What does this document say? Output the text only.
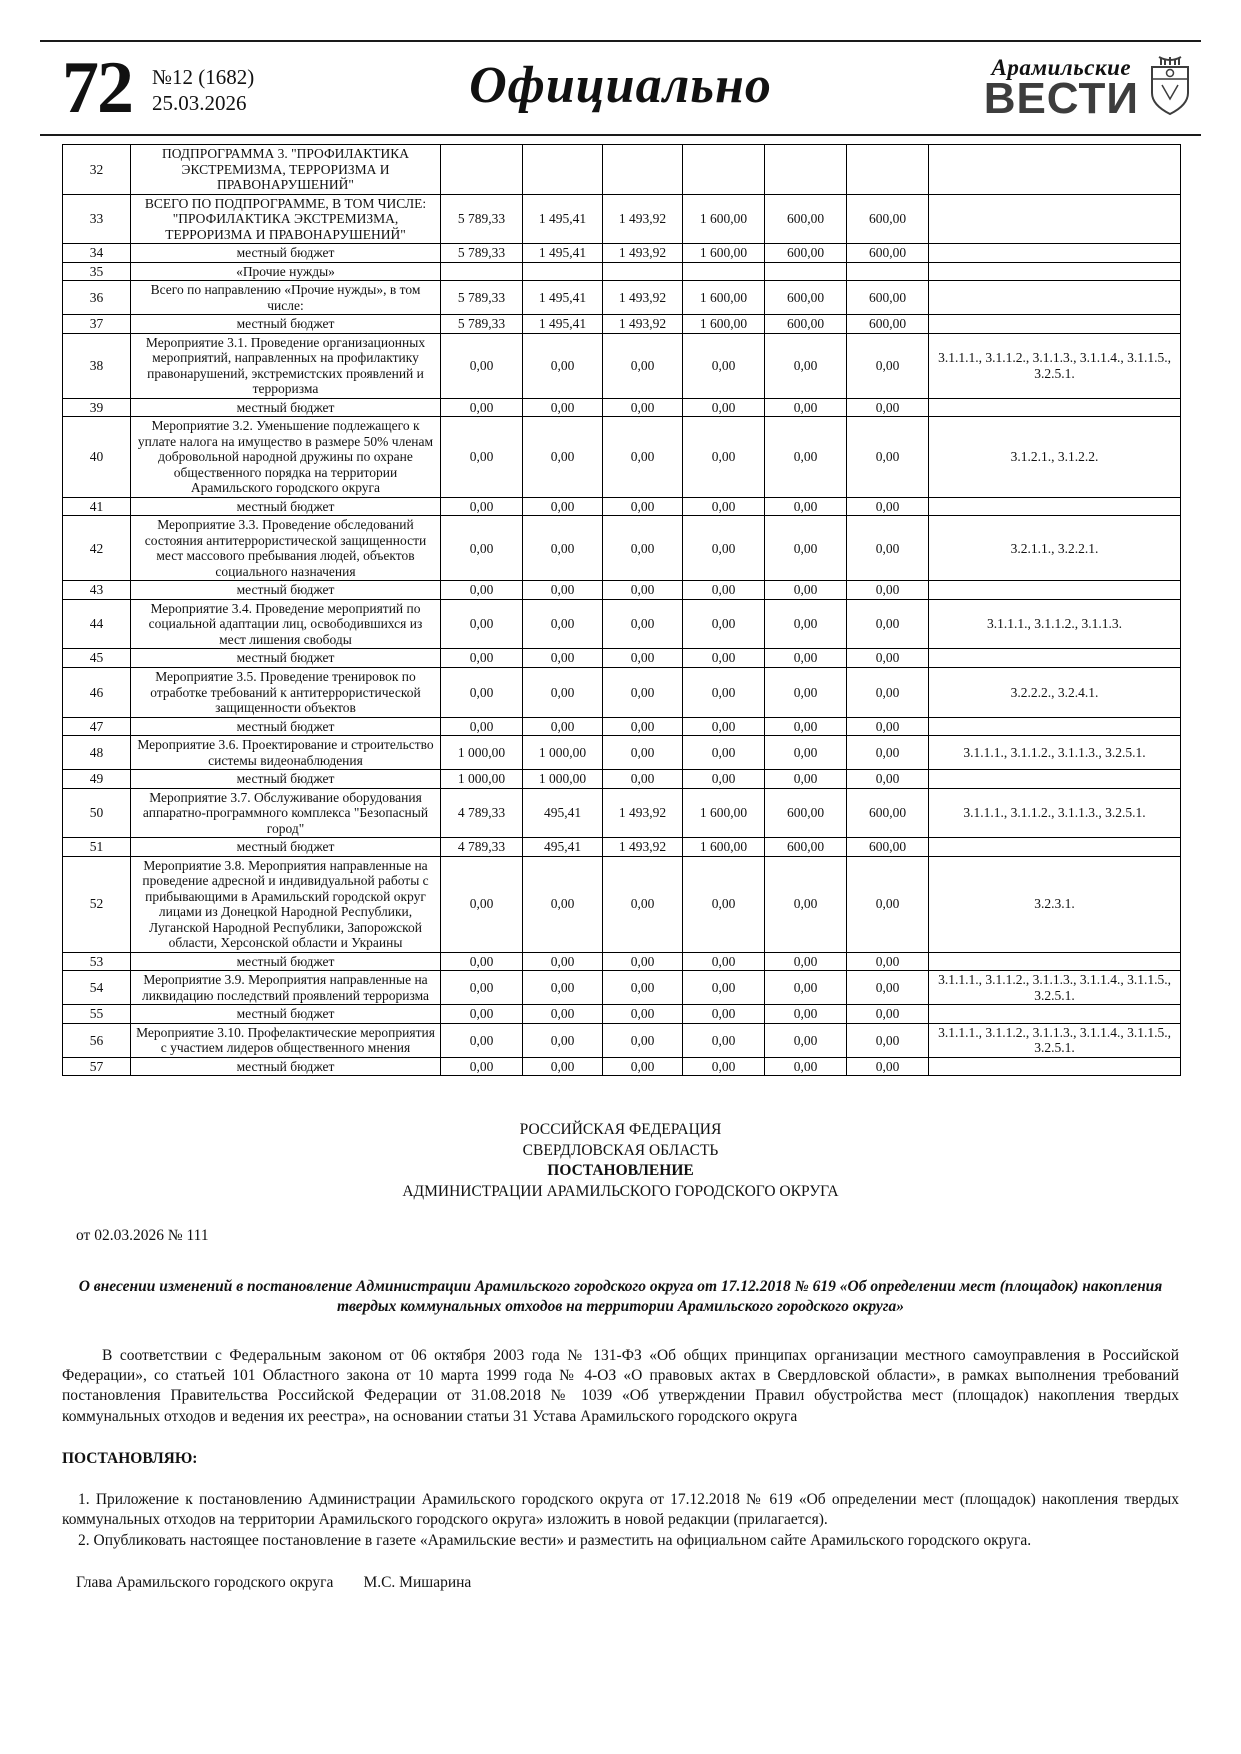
72 №12 (1682)
25.03.2026	Официально	Арамильские
ВЕСТИ
32	ПОДПРОГРАММА 3. "ПРОФИЛАКТИКА ЭКСТРЕМИЗМА, ТЕРРОРИЗМА И ПРАВОНАРУШЕНИЙ"							
33	ВСЕГО ПО ПОДПРОГРАММЕ, В ТОМ ЧИСЛЕ: "ПРОФИЛАКТИКА ЭКСТРЕМИЗМА, ТЕРРОРИЗМА И ПРАВОНАРУШЕНИЙ"	5 789,33	1 495,41	1 493,92	1 600,00	600,00	600,00	
34	местный бюджет	5 789,33	1 495,41	1 493,92	1 600,00	600,00	600,00	
35	«Прочие нужды»							
36	Всего по направлению «Прочие нужды», в том числе:	5 789,33	1 495,41	1 493,92	1 600,00	600,00	600,00	
37	местный бюджет	5 789,33	1 495,41	1 493,92	1 600,00	600,00	600,00	
38	Мероприятие 3.1. Проведение организационных мероприятий, направленных на профилактику правонарушений, экстремистских проявлений и терроризма	0,00	0,00	0,00	0,00	0,00	0,00	3.1.1.1., 3.1.1.2., 3.1.1.3., 3.1.1.4., 3.1.1.5., 3.2.5.1.
39	местный бюджет	0,00	0,00	0,00	0,00	0,00	0,00	
40	Мероприятие 3.2. Уменьшение подлежащего к уплате налога на имущество в размере 50% членам добровольной народной дружины по охране общественного порядка на территории Арамильского городского округа	0,00	0,00	0,00	0,00	0,00	0,00	3.1.2.1., 3.1.2.2.
41	местный бюджет	0,00	0,00	0,00	0,00	0,00	0,00	
42	Мероприятие 3.3. Проведение обследований состояния антитеррористической защищенности мест массового пребывания людей, объектов социального назначения	0,00	0,00	0,00	0,00	0,00	0,00	3.2.1.1., 3.2.2.1.
43	местный бюджет	0,00	0,00	0,00	0,00	0,00	0,00	
44	Мероприятие 3.4. Проведение мероприятий по социальной адаптации лиц, освободившихся из мест лишения свободы	0,00	0,00	0,00	0,00	0,00	0,00	3.1.1.1., 3.1.1.2., 3.1.1.3.
45	местный бюджет	0,00	0,00	0,00	0,00	0,00	0,00	
46	Мероприятие 3.5. Проведение тренировок по отработке требований к антитеррористической защищенности объектов	0,00	0,00	0,00	0,00	0,00	0,00	3.2.2.2., 3.2.4.1.
47	местный бюджет	0,00	0,00	0,00	0,00	0,00	0,00	
48	Мероприятие 3.6. Проектирование и строительство системы видеонаблюдения	1 000,00	1 000,00	0,00	0,00	0,00	0,00	3.1.1.1., 3.1.1.2., 3.1.1.3., 3.2.5.1.
49	местный бюджет	1 000,00	1 000,00	0,00	0,00	0,00	0,00	
50	Мероприятие 3.7. Обслуживание оборудования аппаратно-программного комплекса "Безопасный город"	4 789,33	495,41	1 493,92	1 600,00	600,00	600,00	3.1.1.1., 3.1.1.2., 3.1.1.3., 3.2.5.1.
51	местный бюджет	4 789,33	495,41	1 493,92	1 600,00	600,00	600,00	
52	Мероприятие 3.8. Мероприятия направленные на проведение адресной и индивидуальной работы с прибывающими в Арамильский городской округ лицами из Донецкой Народной Республики, Луганской Народной Республики, Запорожской области, Херсонской области и Украины	0,00	0,00	0,00	0,00	0,00	0,00	3.2.3.1.
53	местный бюджет	0,00	0,00	0,00	0,00	0,00	0,00	
54	Мероприятие 3.9. Мероприятия направленные на ликвидацию последствий проявлений терроризма	0,00	0,00	0,00	0,00	0,00	0,00	3.1.1.1., 3.1.1.2., 3.1.1.3., 3.1.1.4., 3.1.1.5., 3.2.5.1.
55	местный бюджет	0,00	0,00	0,00	0,00	0,00	0,00	
56	Мероприятие 3.10. Профелактические мероприятия с участием лидеров общественного мнения	0,00	0,00	0,00	0,00	0,00	0,00	3.1.1.1., 3.1.1.2., 3.1.1.3., 3.1.1.4., 3.1.1.5., 3.2.5.1.
57	местный бюджет	0,00	0,00	0,00	0,00	0,00	0,00	
РОССИЙСКАЯ ФЕДЕРАЦИЯ
СВЕРДЛОВСКАЯ ОБЛАСТЬ
ПОСТАНОВЛЕНИЕ
АДМИНИСТРАЦИИ АРАМИЛЬСКОГО ГОРОДСКОГО ОКРУГА
от 02.03.2026 № 111
О внесении изменений в постановление Администрации Арамильского городского округа от 17.12.2018 № 619 «Об определении мест (площадок) накопления твердых коммунальных отходов на территории Арамильского городского округа»

В соответствии с Федеральным законом от 06 октября 2003 года № 131-ФЗ «Об общих принципах организации местного самоуправления в Российской Федерации», со статьей 101 Областного закона от 10 марта 1999 года № 4-ОЗ «О правовых актах в Свердловской области», в рамках выполнения требований постановления Правительства Российской Федерации от 31.08.2018 № 1039 «Об утверждении Правил обустройства мест (площадок) накопления твердых коммунальных отходов и ведения их реестра», на основании статьи 31 Устава Арамильского городского округа

ПОСТАНОВЛЯЮ:

1. Приложение к постановлению Администрации Арамильского городского округа от 17.12.2018 № 619 «Об определении мест (площадок) накопления твердых коммунальных отходов на территории Арамильского городского округа» изложить в новой редакции (прилагается).

2. Опубликовать настоящее постановление в газете «Арамильские вести» и разместить на официальном сайте Арамильского городского округа.

Глава Арамильского городского округа М.С. Мишарина
